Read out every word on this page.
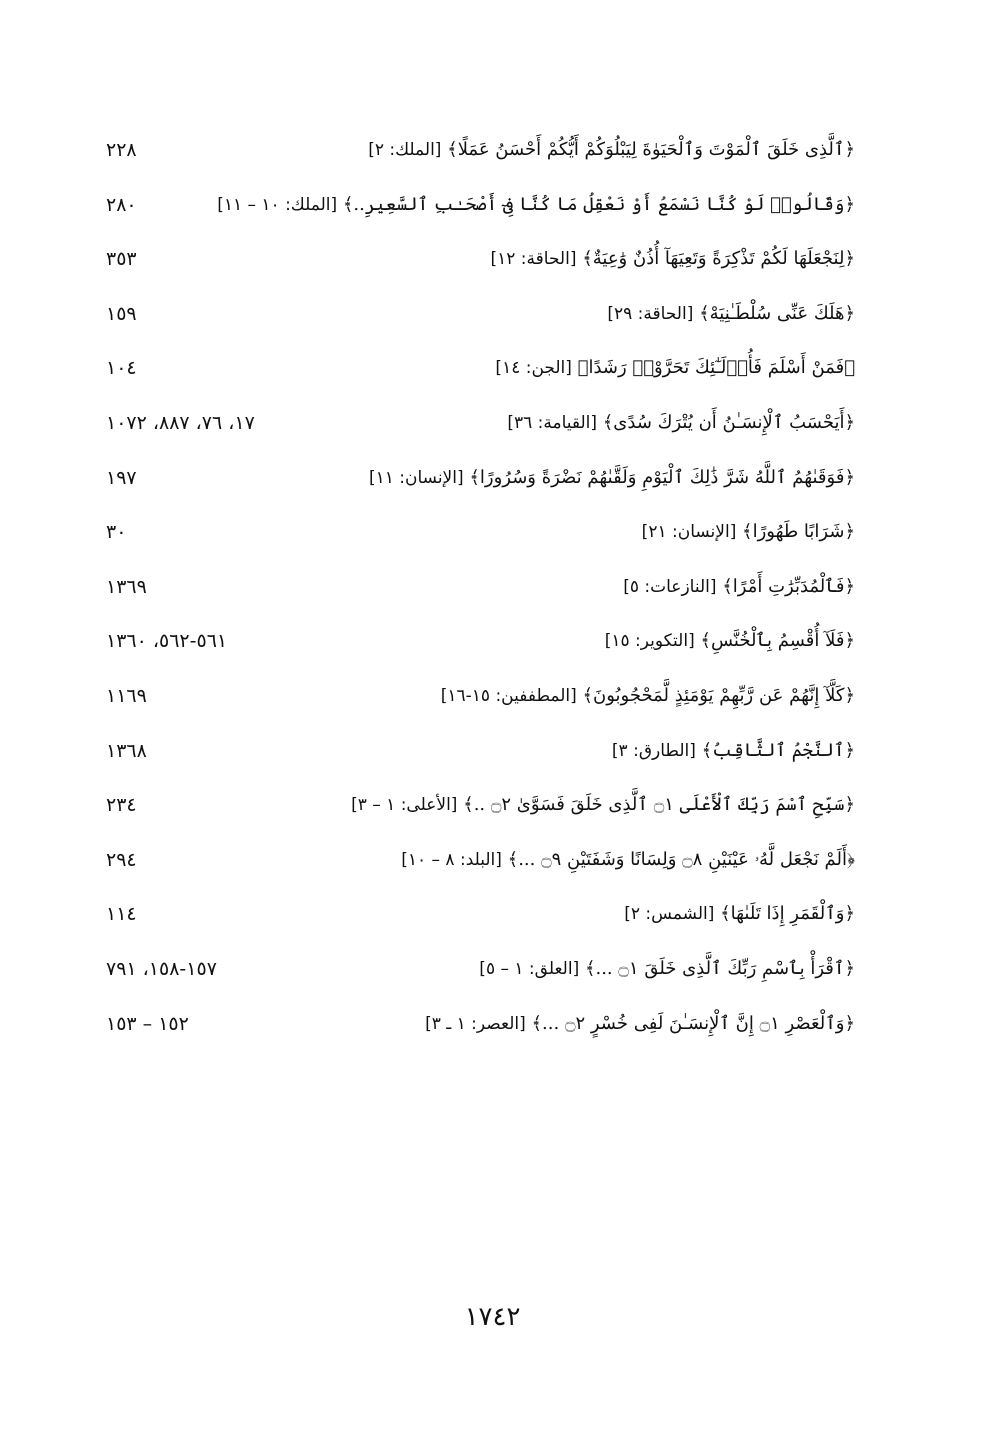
﴿ٱلَّذِى خَلَقَ ٱلْمَوْتَ وَٱلْحَيَوٰةَ لِيَبْلُوَكُمْ أَيُّكُمْ أَحْسَنُ عَمَلًا﴾ [الملك: ٢]
٢٢٨
﴿وَقَالُوا۟ لَوْ كُنَّا نَسْمَعُ أَوْ نَعْقِلُ مَا كُنَّا فِىٓ أَصْحَـٰبِ ٱلسَّعِيرِ..﴾ [الملك: ١٠ – ١١]
٢٨٠
﴿لِنَجْعَلَهَا لَكُمْ تَذْكِرَةً وَتَعِيَهَآ أُذُنٌ وَٰعِيَةٌ﴾ [الحاقة: ١٢]
٣٥٣
﴿هَلَكَ عَنِّى سُلْطَـٰنِيَهْ﴾ [الحاقة: ٢٩]
١٥٩
﴿فَمَنْ أَسْلَمَ فَأُو۟لَـٰٓئِكَ تَحَرَّوْا۟ رَشَدًا﴾ [الجن: ١٤]
١٠٤
﴿أَيَحْسَبُ ٱلْإِنسَـٰنُ أَن يُتْرَكَ سُدًى﴾ [القيامة: ٣٦]
١٧، ٧٦، ٨٨٧، ١٠٧٢
﴿فَوَقَىٰهُمُ ٱللَّهُ شَرَّ ذَٰلِكَ ٱلْيَوْمِ وَلَقَّىٰهُمْ نَضْرَةً وَسُرُورًا﴾ [الإنسان: ١١]
١٩٧
﴿شَرَابًا طَهُورًا﴾ [الإنسان: ٢١]
٣٠
﴿فَٱلْمُدَبِّرَٰتِ أَمْرًا﴾ [النازعات: ٥]
١٣٦٩
﴿فَلَآ أُقْسِمُ بِٱلْخُنَّسِ﴾ [التكوير: ١٥]
٥٦١-٥٦٢، ١٣٦٠
﴿كَلَّآ إِنَّهُمْ عَن رَّبِّهِمْ يَوْمَئِذٍ لَّمَحْجُوبُونَ﴾ [المطففين: ١٥-١٦]
١١٦٩
﴿ٱلنَّجْمُ ٱلثَّاقِبُ﴾ [الطارق: ٣]
١٣٦٨
﴿سَبِّحِ ٱسْمَ رَبِّكَ ٱلْأَعْلَى ۝١ ٱلَّذِى خَلَقَ فَسَوَّىٰ ۝٢ ..﴾ [الأعلى: ١ – ٣]
٢٣٤
﴿أَلَمْ نَجْعَل لَّهُۥ عَيْنَيْنِ ۝٨ وَلِسَانًا وَشَفَتَيْنِ ۝٩ ...﴾ [البلد: ٨ – ١٠]
٢٩٤
﴿وَٱلْقَمَرِ إِذَا تَلَىٰهَا﴾ [الشمس: ٢]
١١٤
﴿ٱقْرَأْ بِٱسْمِ رَبِّكَ ٱلَّذِى خَلَقَ ۝١ ...﴾ [العلق: ١ – ٥]
١٥٧-١٥٨، ٧٩١
﴿وَٱلْعَصْرِ ۝١ إِنَّ ٱلْإِنسَـٰنَ لَفِى خُسْرٍ ۝٢ ...﴾ [العصر: ١ ـ ٣]
١٥٢ – ١٥٣
١٧٤٢
